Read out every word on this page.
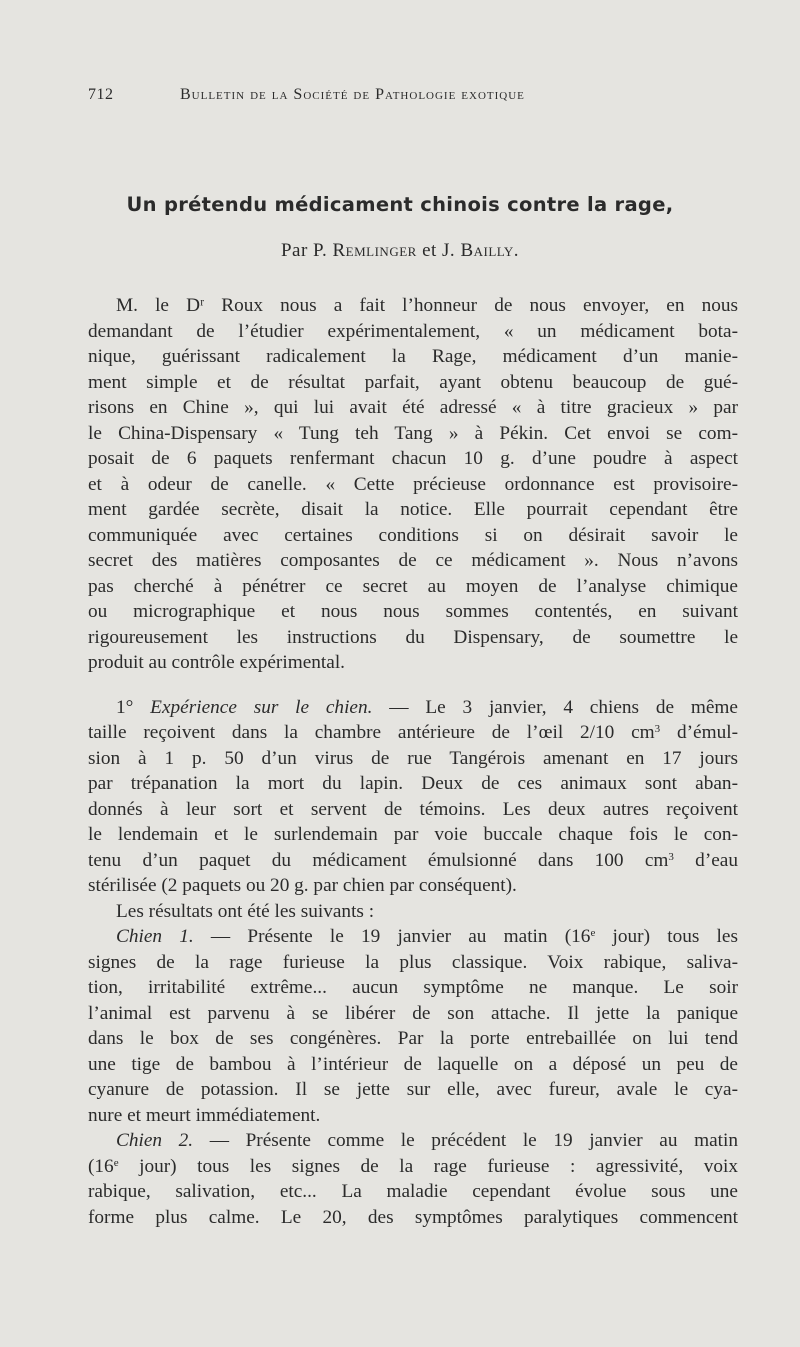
712	Bulletin de la Société de Pathologie exotique
Un prétendu médicament chinois contre la rage,
Par P. Remlinger et J. Bailly.
M. le Dʳ Roux nous a fait l’honneur de nous envoyer, en nous
demandant de l’étudier expérimentalement, « un médicament bota-
nique, guérissant radicalement la Rage, médicament d’un manie-
ment simple et de résultat parfait, ayant obtenu beaucoup de gué-
risons en Chine », qui lui avait été adressé « à titre gracieux » par
le China-Dispensary « Tung teh Tang » à Pékin. Cet envoi se com-
posait de 6 paquets renfermant chacun 10 g. d’une poudre à aspect
et à odeur de canelle. « Cette précieuse ordonnance est provisoire-
ment gardée secrète, disait la notice. Elle pourrait cependant être
communiquée avec certaines conditions si on désirait savoir le
secret des matières composantes de ce médicament ». Nous n’avons
pas cherché à pénétrer ce secret au moyen de l’analyse chimique
ou micrographique et nous nous sommes contentés, en suivant
rigoureusement les instructions du Dispensary, de soumettre le
produit au contrôle expérimental.
1° Expérience sur le chien. — Le 3 janvier, 4 chiens de même
taille reçoivent dans la chambre antérieure de l’œil 2/10 $cm^3$ d’émul-
sion à 1 p. 50 d’un virus de rue Tangérois amenant en 17 jours
par trépanation la mort du lapin. Deux de ces animaux sont aban-
donnés à leur sort et servent de témoins. Les deux autres reçoivent
le lendemain et le surlendemain par voie buccale chaque fois le con-
tenu d’un paquet du médicament émulsionné dans 100 $cm^3$ d’eau
stérilisée (2 paquets ou 20 g. par chien par conséquent).
Les résultats ont été les suivants :
Chien 1. — Présente le 19 janvier au matin (16e jour) tous les
signes de la rage furieuse la plus classique. Voix rabique, saliva-
tion, irritabilité extrême... aucun symptôme ne manque. Le soir
l’animal est parvenu à se libérer de son attache. Il jette la panique
dans le box de ses congénères. Par la porte entrebaillée on lui tend
une tige de bambou à l’intérieur de laquelle on a déposé un peu de
cyanure de potassion. Il se jette sur elle, avec fureur, avale le cya-
nure et meurt immédiatement.
Chien 2. — Présente comme le précédent le 19 janvier au matin
(16e jour) tous les signes de la rage furieuse : agressivité, voix
rabique, salivation, etc... La maladie cependant évolue sous une
forme plus calme. Le 20, des symptômes paralytiques commencent
